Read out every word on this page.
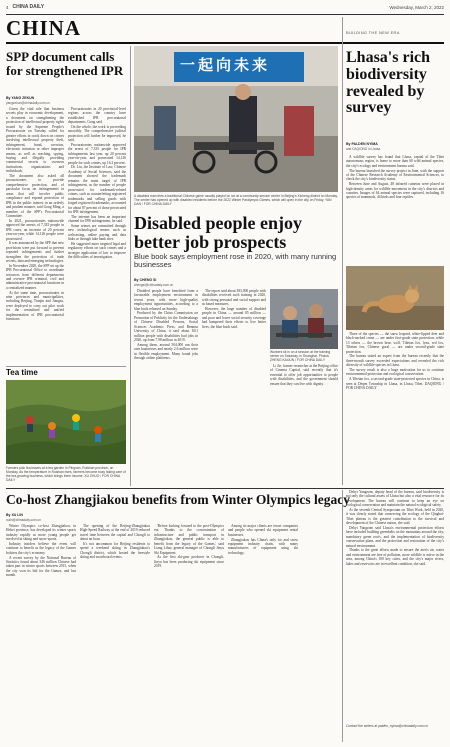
4 CHINA DAILY	Wednesday, March 2, 2022
CHINA
SPP document calls for strengthened IPR
By YANG ZEKUN
yangzekun@chinadaily.com.cn

Given the vital role that business secrets play in economic development, a document on strengthening the protection of intellectual property rights issued by the Supreme People's Procuratorate on Tuesday called for greater efforts in crack down on crimes involving intellectual property theft, infringement, fraud, coercion, electronic intrusion or other improper means, as well as reaching, spying, buying and illegally providing commercial secrets to overseas institutions, organizations and individuals.

The document also asked all procuratorates to provide comprehensive protection, and of particular focus on infringements in areas that will involve public compliance and expand protection of IPR in the public interest in an orderly and prudent manner, said Gong Ming, a member of the SPP's Procuratorial Committee.

In 2021, procuratorates nationwide approved the arrests of 7,335 people in IPR cases, an increase of 20 percent year-on-year, while 14,126 people were prosecuted.

It was announced by the SPP that new provisions were put forward to prevent repeated infringements and further strengthen the protection of trade secrets, data and emerging technologies.

In November 2020, the SPP set up the IPR Procuratorial Office to coordinate resources from different departments and oversee IPR criminal, civil and administrative procuratorial functions in a centralized manner.

At the same time, procuratorates in nine provinces and municipalities, including Beijing, Tianjin and Jiangsu, were deployed to carry out pilot work for the centralized and unified implementation of IPR procuratorial functions.

Procuratorates in 20 provincial-level regions across the country have established IPR procuratorial departments, Gong said.

On the whole, the work is proceeding smoothly. The comprehensive judicial protection will further be improved, he said.

Procuratorates nationwide approved the arrest of 7,335 people for IPR infringements last year, up 20 percent year-on-year, and prosecuted 14,126 people for such crimes, up 16.2 percent.

Dr. Liu, the Institute of Law, Chinese Academy of Social Sciences, said the document showed the trademark remains the main target of IPR infringement, as the number of people prosecuted for trademark-related crimes, such as counterfeiting registered trademarks and selling goods with forged registered trademarks, accounted for about 87 percent of those prosecuted for IPR infringement.

The internet has been an important channel for IPR infringement, he said.

Some crimes are committed through new technological means such as webcasting, online paying and data links or through fake bank sites.

He suggested more targeted legal and regulatory efforts on such crimes and a stronger application of law to improve the difficulties of investigation.

Tea time
Farmers pick tea leaves at a tea garden in Pingnan, Ruishan province, on Monday. As the temperature in Ruishan rises, farmers become busy taking care of the tea-growing business, which brings them income. XU ZHUO / FOR CHINA DAILY
一起向未来
A disabled man tries a traditional Chinese game usually played on ice at a community service center in Beijing's Xicheng district on Monday. The center has opened up with disabled residents before the 2022 Winter Paralympic Games, which will open in the city on Friday. YAN DAN / FOR CHINA DAILY
Disabled people enjoy better job prospects
Blue book says employment rose in 2020, with many running businesses
By CHENG SI
chengsi@chinadaily.com.cn

Disabled people have benefited from a favourable employment environment in recent years, with more high-quality employment opportunities, according to a blue book released on Sunday.

Produced by the China Commission on Promotion of Publicity for the Undertakings of Chinese Disabled Persons, Social Sciences Academic Press, and Renmin University of China, it said about 8.61 million people with disabilities had jobs in 2020, up from 7.98 million in 2019.

Among them, around 504,000 ran their own businesses and nearly 2.6 million were in flexible employment. Many found jobs through online platforms.

The report said about 383,000 people with disabilities received such training in 2020, with strong personal and social support and as based measures.

However, the large number of disabled people in China — around 85 million — and poor and lower social security coverage had hampered their efforts to live better lives, the blue book said.

Workers sit in on a session at the training center on Saturday, in Shanghai. Photos ZHENG KAIJUN / FOR CHINA DAILY

Li Jie, former researcher at the Beijing office of Cinema Capital, said recently that it's essential to offer job opportunities to people with disabilities, and the government should ensure that they can live with dignity.

BUILDING THE NEW ERA
Lhasa's rich biodiversity revealed by survey
By PALDEN NYIMA
and DAQIONG in Lhasa

A wildlife survey has found that Lhasa, capital of the Tibet autonomous region, is home to more than 60 wild animal species, the city's ecology and environment bureau said.

The bureau launched the survey project in June, with the support of the Chinese Research Academy of Environmental Sciences, to check the city's biodiversity status.

Between June and August, 48 infrared cameras were placed in high-density areas for wildlife movement in the city's districts and counties. Images of 64 animal species were captured, including 16 species of mammals, 44 birds and four reptiles.

Three of the species — the snow leopard, white-lipped deer and black-necked crane — are under first-grade state protection, while 13 others — the brown bear, wolf, Tibetan fox, lynx, red fox, Tibetan fox, Chinese goral — are under second-grade state protection.

The bureau stated an expert from the bureau recently that the three-month survey exceeded expectations and revealed the rich diversity of wildlife species in Lhasa.

The survey result is also a huge motivation for us to continue environmental protection and ecological conservation.

A Tibetan fox, a second-grade state-protected species in China, is seen at Deqen Township in Lhasa, in Lhasa, Tibet. DAQIONG / FOR CHINA DAILY

Co-host Zhangjiakou benefits from Winter Olympics legacy
By XU LIN
xulin@chinadaily.com.cn

Winter Olympics co-host Zhangjiakou, in Hebei province, has developed its winter sports industry rapidly as more young people get involved in skiing and snow-sports.

Industry insiders believe the event will continue to benefit as the legacy of the Games bolsters the city's economy.

A recent survey by the National Bureau of Statistics found about 346 million Chinese had taken part in winter sports between 2015, when the city won its bid for the Games, and last month.

The opening of the Beijing-Zhangjiakou High-Speed Railway at the end of 2019 reduced travel time between the capital and Chongli to about an hour.

It's not uncommon for Beijing residents to spend a weekend skiing in Zhangjiakou's Chongli district, which hosted the freestyle skiing and snowboard events.

'Before looking forward to the post-Olympics era. Thanks to the concentration of infrastructure and public transport in Zhangjiakou, the general public is able to benefit from the legacy of the Games,' said Liang Lihui, general manager of Chongli Jinyu Ski Equipment.

As the first ski-gear producer in Chongli, Jinyu has been producing ski equipment since 2019.

Among its major clients are resort companies and people who opened ski equipment rental businesses.

Zhangjiakou has China's only ice and snow equipment industry chain, with many manufacturers of equipment using ski technology.

Dekyi Yangzom, deputy head of the bureau, said biodiversity is not only the cultural assets of Lhasa but also a vital resource for its development. The bureau will continue to keep an eye on ecological conservation and maintain the natural ecological safety.

At the seventh Central Symposium on Tibet Work, held in 2020, it was clearly stated that conserving the ecology of the Qinghai-Tibet plateau is the greatest contribution to the survival and development of the Chinese nation, she said.

Dekyi Yangzom said Lhasa's environmental protection efforts have included building greenbelts on the mountains around the city, mandatory green roofs, and the implementation of biodiversity conservation plans, and the protection and restoration of the city's natural environment.

Thanks to the great efforts made to ensure the area's air, water and environment are free of pollution, more wildlife is active in the area, among China's 100 key cities, and the city's major rivers, lakes and reservoirs are in excellent condition, she said.

Contact the writers at palden_nyima@chinadaily.com.cn
